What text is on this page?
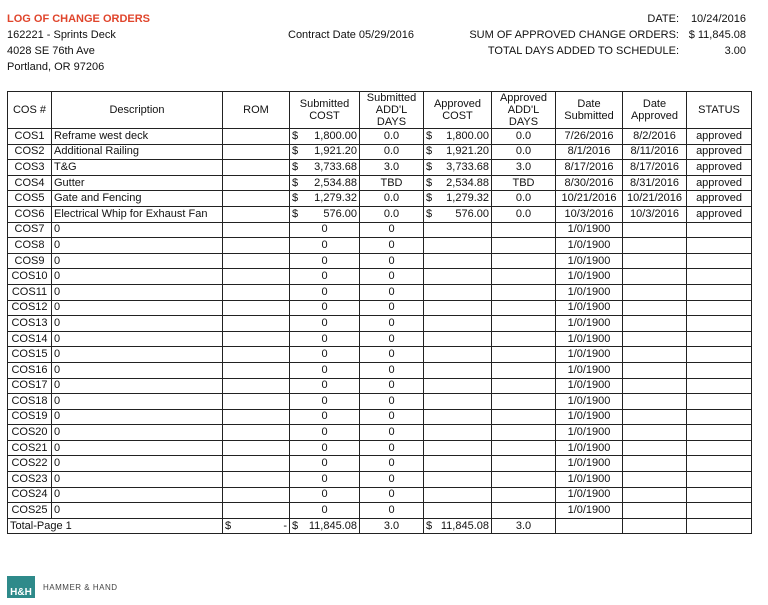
LOG OF CHANGE ORDERS
162221 - Sprints Deck
4028 SE 76th Ave
Portland, OR 97206
Contract Date 05/29/2016
DATE: 10/24/2016
SUM OF APPROVED CHANGE ORDERS: $ 11,845.08
TOTAL DAYS ADDED TO SCHEDULE:	3.00
COS #	Description	ROM	Submitted COST	Submitted ADD'L DAYS	Approved COST	Approved ADD'L DAYS	Date Submitted	Date Approved	STATUS
COS1	Reframe west deck		$ 1,800.00	0.0	$ 1,800.00	0.0	7/26/2016	8/2/2016	approved
COS2	Additional Railing		$ 1,921.20	0.0	$ 1,921.20	0.0	8/1/2016	8/11/2016	approved
COS3	T&G		$ 3,733.68	3.0	$ 3,733.68	3.0	8/17/2016	8/17/2016	approved
COS4	Gutter		$ 2,534.88	TBD	$ 2,534.88	TBD	8/30/2016	8/31/2016	approved
COS5	Gate and Fencing		$ 1,279.32	0.0	$ 1,279.32	0.0	10/21/2016	10/21/2016	approved
COS6	Electrical Whip for Exhaust Fan		$ 576.00	0.0	$ 576.00	0.0	10/3/2016	10/3/2016	approved
COS7	0		0	0			1/0/1900		
COS8	0		0	0			1/0/1900		
COS9	0		0	0			1/0/1900		
COS10	0		0	0			1/0/1900		
COS11	0		0	0			1/0/1900		
COS12	0		0	0			1/0/1900		
COS13	0		0	0			1/0/1900		
COS14	0		0	0			1/0/1900		
COS15	0		0	0			1/0/1900		
COS16	0		0	0			1/0/1900		
COS17	0		0	0			1/0/1900		
COS18	0		0	0			1/0/1900		
COS19	0		0	0			1/0/1900		
COS20	0		0	0			1/0/1900		
COS21	0		0	0			1/0/1900		
COS22	0		0	0			1/0/1900		
COS23	0		0	0			1/0/1900		
COS24	0		0	0			1/0/1900		
COS25	0		0	0			1/0/1900		
Total-Page 1		$ -	$ 11,845.08	3.0	$ 11,845.08	3.0			
H&H	HAMMER & HAND
